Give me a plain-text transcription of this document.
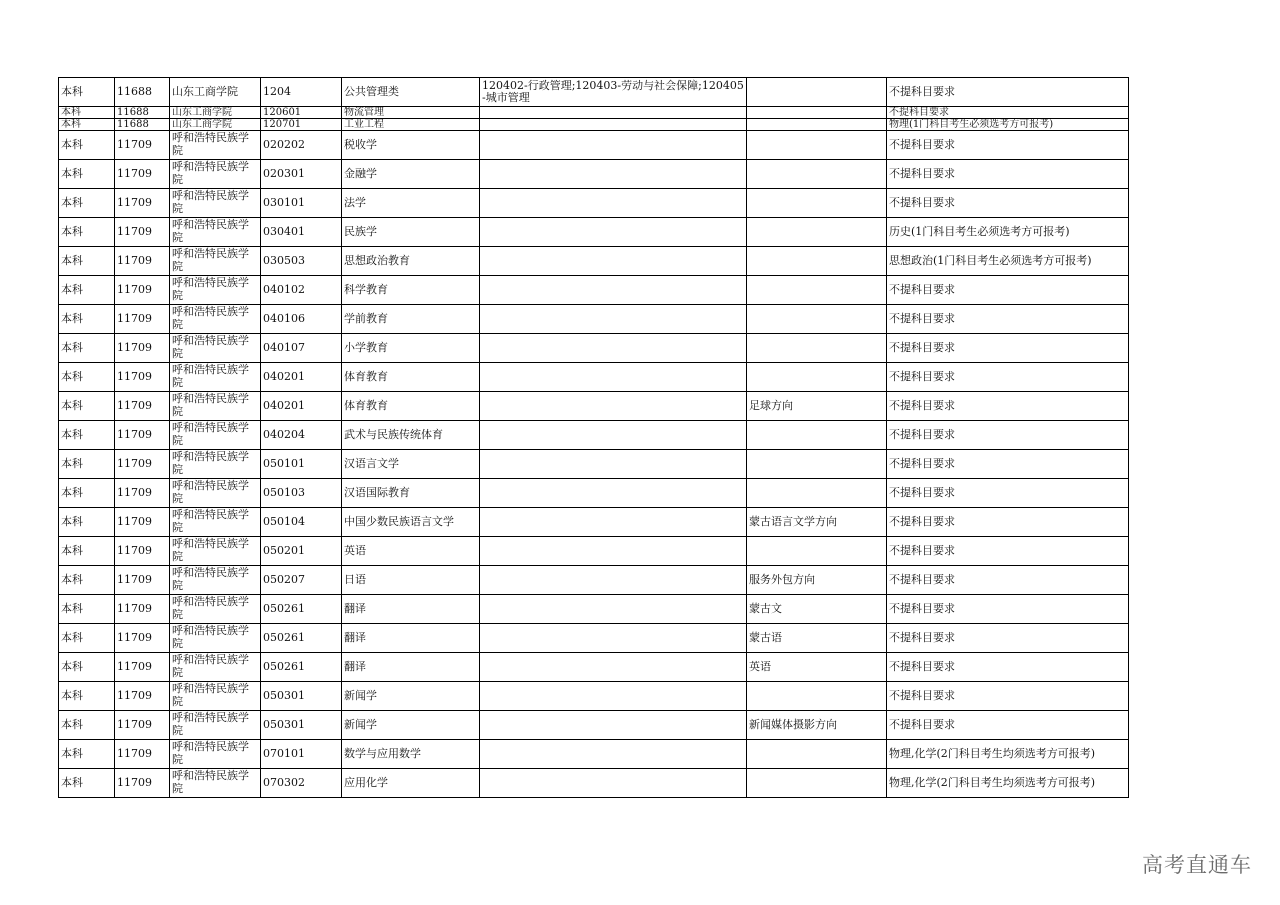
本科	11688	山东工商学院	1204	公共管理类	120402-行政管理;120403-劳动与社会保障;120405-城市管理		不提科目要求
本科	11688	山东工商学院	120601	物流管理			不提科目要求
本科	11688	山东工商学院	120701	工业工程			物理(1门科目考生必须选考方可报考)
本科	11709	呼和浩特民族学院	020202	税收学			不提科目要求
本科	11709	呼和浩特民族学院	020301	金融学			不提科目要求
本科	11709	呼和浩特民族学院	030101	法学			不提科目要求
本科	11709	呼和浩特民族学院	030401	民族学			历史(1门科目考生必须选考方可报考)
本科	11709	呼和浩特民族学院	030503	思想政治教育			思想政治(1门科目考生必须选考方可报考)
本科	11709	呼和浩特民族学院	040102	科学教育			不提科目要求
本科	11709	呼和浩特民族学院	040106	学前教育			不提科目要求
本科	11709	呼和浩特民族学院	040107	小学教育			不提科目要求
本科	11709	呼和浩特民族学院	040201	体育教育			不提科目要求
本科	11709	呼和浩特民族学院	040201	体育教育		足球方向	不提科目要求
本科	11709	呼和浩特民族学院	040204	武术与民族传统体育			不提科目要求
本科	11709	呼和浩特民族学院	050101	汉语言文学			不提科目要求
本科	11709	呼和浩特民族学院	050103	汉语国际教育			不提科目要求
本科	11709	呼和浩特民族学院	050104	中国少数民族语言文学		蒙古语言文学方向	不提科目要求
本科	11709	呼和浩特民族学院	050201	英语			不提科目要求
本科	11709	呼和浩特民族学院	050207	日语		服务外包方向	不提科目要求
本科	11709	呼和浩特民族学院	050261	翻译		蒙古文	不提科目要求
本科	11709	呼和浩特民族学院	050261	翻译		蒙古语	不提科目要求
本科	11709	呼和浩特民族学院	050261	翻译		英语	不提科目要求
本科	11709	呼和浩特民族学院	050301	新闻学			不提科目要求
本科	11709	呼和浩特民族学院	050301	新闻学		新闻媒体摄影方向	不提科目要求
本科	11709	呼和浩特民族学院	070101	数学与应用数学			物理,化学(2门科目考生均须选考方可报考)
本科	11709	呼和浩特民族学院	070302	应用化学			物理,化学(2门科目考生均须选考方可报考)
高考直通车
